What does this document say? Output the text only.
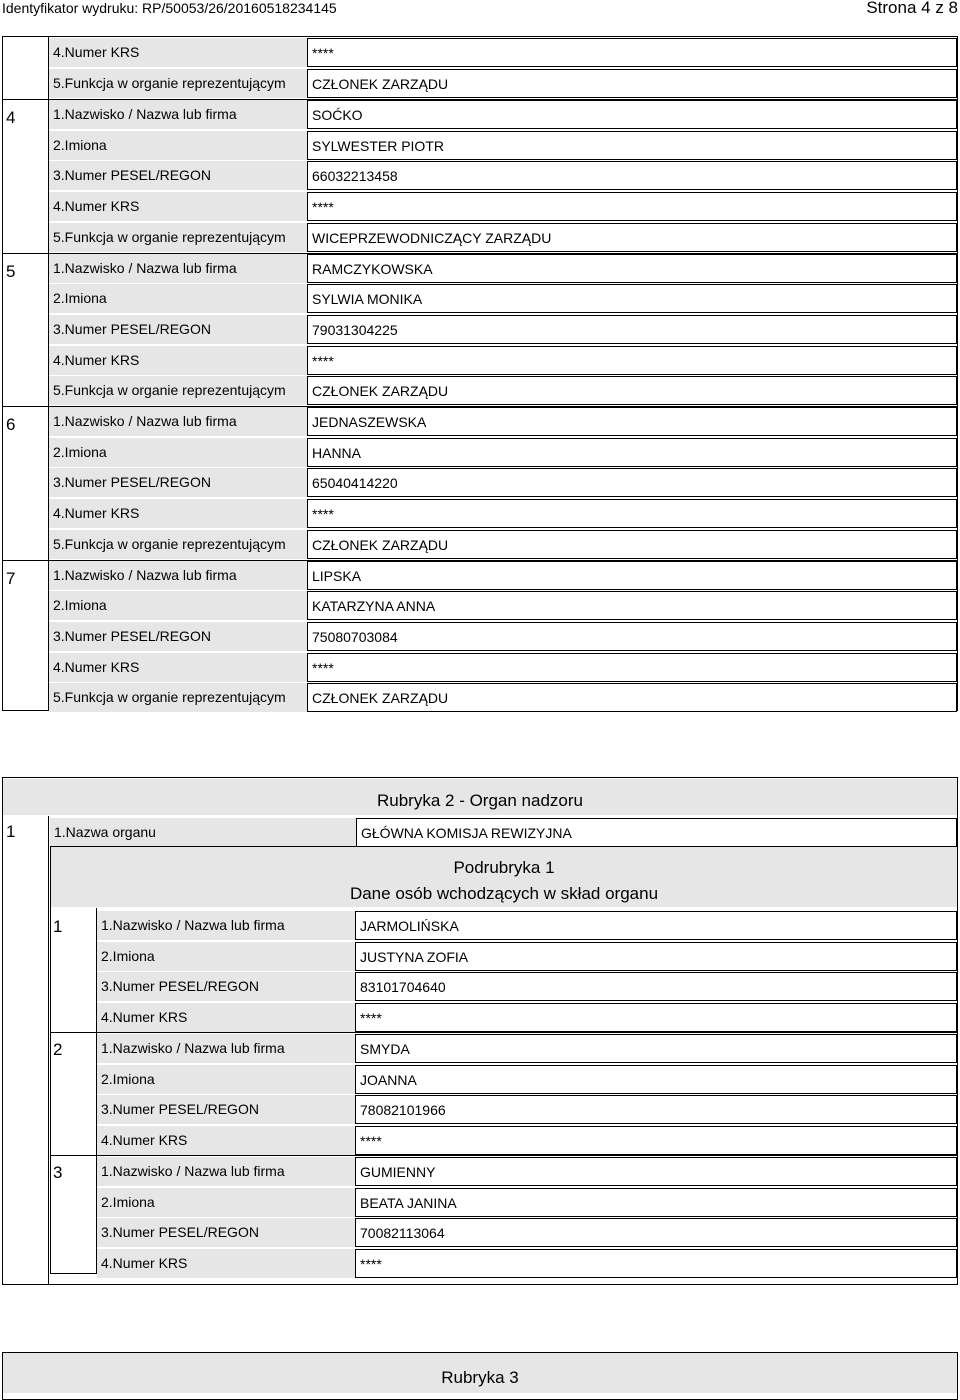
Identyfikator wydruku: RP/50053/26/20160518234145	Strona 4 z 8
4.Numer KRS	****
5.Funkcja w organie reprezentującym	CZŁONEK ZARZĄDU
4	1.Nazwisko / Nazwa lub firma	SOĆKO
2.Imiona	SYLWESTER PIOTR
3.Numer PESEL/REGON	66032213458
4.Numer KRS	****
5.Funkcja w organie reprezentującym	WICEPRZEWODNICZĄCY ZARZĄDU
5	1.Nazwisko / Nazwa lub firma	RAMCZYKOWSKA
2.Imiona	SYLWIA MONIKA
3.Numer PESEL/REGON	79031304225
4.Numer KRS	****
5.Funkcja w organie reprezentującym	CZŁONEK ZARZĄDU
6	1.Nazwisko / Nazwa lub firma	JEDNASZEWSKA
2.Imiona	HANNA
3.Numer PESEL/REGON	65040414220
4.Numer KRS	****
5.Funkcja w organie reprezentującym	CZŁONEK ZARZĄDU
7	1.Nazwisko / Nazwa lub firma	LIPSKA
2.Imiona	KATARZYNA ANNA
3.Numer PESEL/REGON	75080703084
4.Numer KRS	****
5.Funkcja w organie reprezentującym	CZŁONEK ZARZĄDU
Rubryka 2 - Organ nadzoru
1	1.Nazwa organu	GŁÓWNA KOMISJA REWIZYJNA
Podrubryka 1
Dane osób wchodzących w skład organu
1	1.Nazwisko / Nazwa lub firma	JARMOLIŃSKA
2.Imiona	JUSTYNA ZOFIA
3.Numer PESEL/REGON	83101704640
4.Numer KRS	****
2	1.Nazwisko / Nazwa lub firma	SMYDA
2.Imiona	JOANNA
3.Numer PESEL/REGON	78082101966
4.Numer KRS	****
3	1.Nazwisko / Nazwa lub firma	GUMIENNY
2.Imiona	BEATA JANINA
3.Numer PESEL/REGON	70082113064
4.Numer KRS	****
Rubryka 3
